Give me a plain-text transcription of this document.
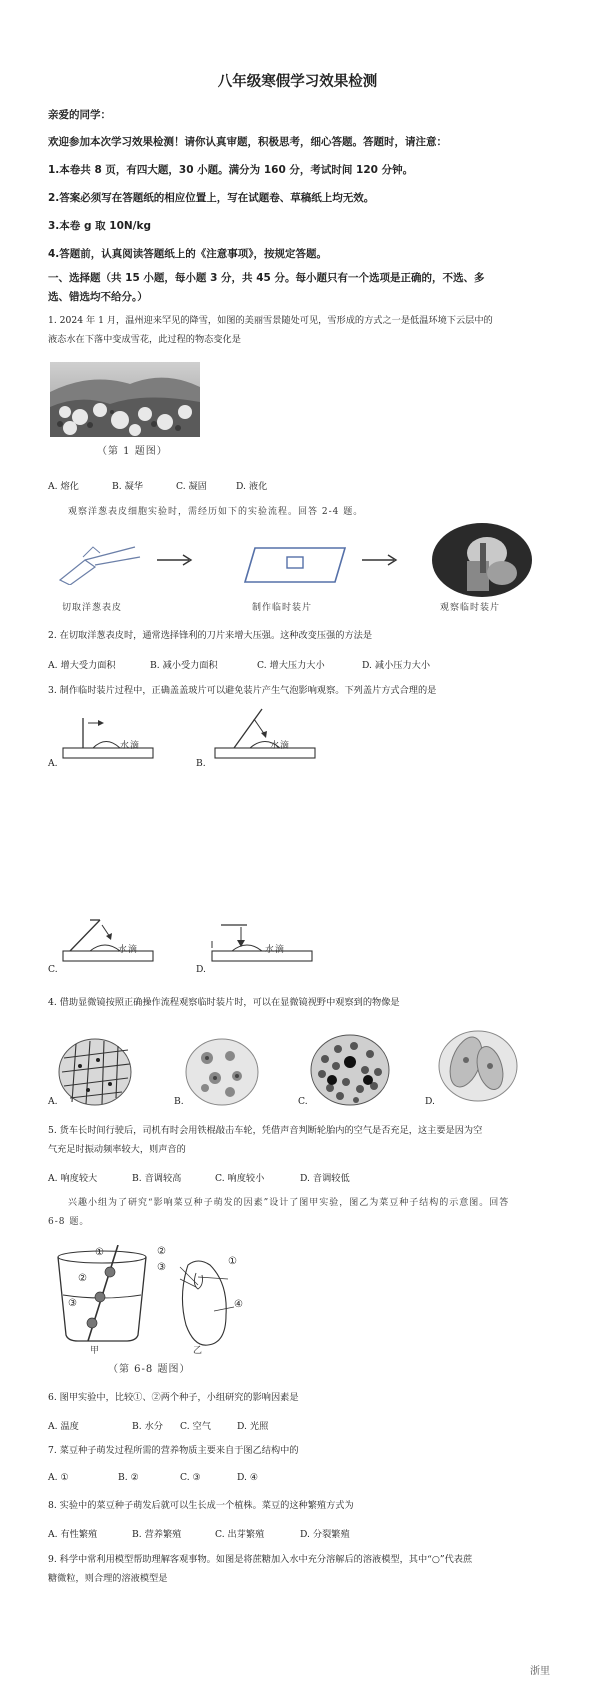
八年级寒假学习效果检测
亲爱的同学：
欢迎参加本次学习效果检测！请你认真审题，积极思考，细心答题。答题时，请注意：
1.本卷共 8 页，有四大题，30 小题。满分为 160 分，考试时间 120 分钟。
2.答案必须写在答题纸的相应位置上，写在试题卷、草稿纸上均无效。
3.本卷 g 取 10N/kg
4.答题前，认真阅读答题纸上的《注意事项》，按规定答题。
一、选择题（共 15 小题，每小题 3 分，共 45 分。每小题只有一个选项是正确的，不选、多
选、错选均不给分。）
1. 2024 年 1 月，温州迎来罕见的降雪，如图的美丽雪景随处可见，雪形成的方式之一是低温环境下云层中的
液态水在下落中变成雪花，此过程的物态变化是
（第 1 题图）
A. 熔化	B. 凝华	C. 凝固	D. 液化
观察洋葱表皮细胞实验时，需经历如下的实验流程。回答 2-4 题。
切取洋葱表皮	制作临时装片	观察临时装片
2. 在切取洋葱表皮时，通常选择锋利的刀片来增大压强。这种改变压强的方法是
A. 增大受力面积	B. 减小受力面积	C. 增大压力大小	D. 减小压力大小
3. 制作临时装片过程中，正确盖盖玻片可以避免装片产生气泡影响观察。下列盖片方式合理的是
水滴
A.
水滴
B.
水滴
C.
水滴
D.
4. 借助显微镜按照正确操作流程观察临时装片时，可以在显微镜视野中观察到的物像是
A.	B.	C.	D.
5. 货车长时间行驶后，司机有时会用铁棍敲击车轮，凭借声音判断轮胎内的空气是否充足，这主要是因为空
气充足时振动频率较大，则声音的
A. 响度较大	B. 音调较高	C. 响度较小	D. 音调较低
兴趣小组为了研究“影响菜豆种子萌发的因素”设计了图甲实验，图乙为菜豆种子结构的示意图。回答
6-8 题。
①
②
③
②
③
①
④
甲	乙
（第 6-8 题图）
6. 图甲实验中，比较①、②两个种子，小组研究的影响因素是
A. 温度	B. 水分 C. 空气	D. 光照
7. 菜豆种子萌发过程所需的营养物质主要来自于图乙结构中的
A. ①	B. ②	C. ③	D. ④
8. 实验中的菜豆种子萌发后就可以生长成一个植株。菜豆的这种繁殖方式为
A. 有性繁殖	B. 营养繁殖	C. 出芽繁殖	D. 分裂繁殖
9. 科学中常利用模型帮助理解客观事物。如图是将蔗糖加入水中充分溶解后的溶液模型，其中“○”代表蔗
糖微粒，则合理的溶液模型是
浙里
